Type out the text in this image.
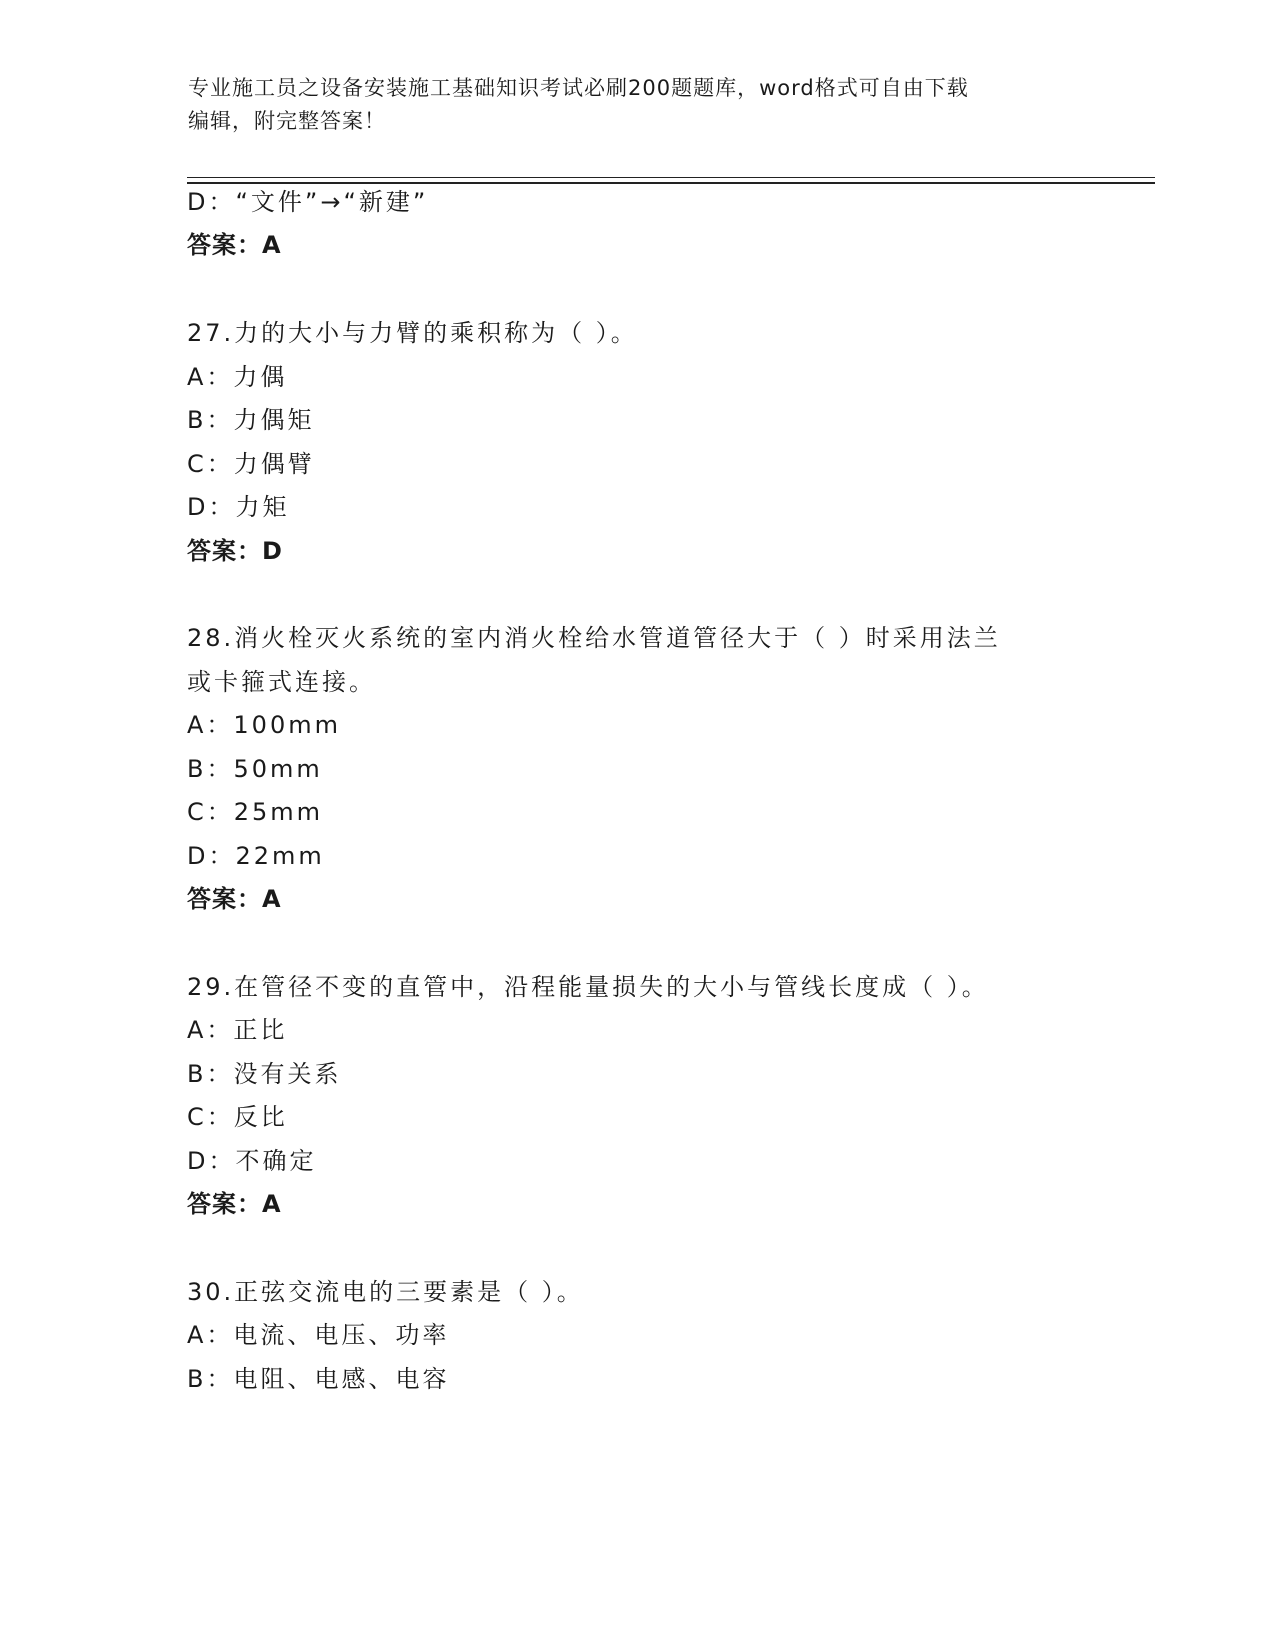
专业施工员之设备安装施工基础知识考试必刷200题题库，word格式可自由下载
编辑，附完整答案！
D：“文件”→“新建”
答案：A
27.力的大小与力臂的乘积称为（ ）。
A：力偶
B：力偶矩
C：力偶臂
D：力矩
答案：D
28.消火栓灭火系统的室内消火栓给水管道管径大于（ ）时采用法兰
或卡箍式连接。
A：100mm
B：50mm
C：25mm
D：22mm
答案：A
29.在管径不变的直管中，沿程能量损失的大小与管线长度成（ ）。
A：正比
B：没有关系
C：反比
D：不确定
答案：A
30.正弦交流电的三要素是（ ）。
A：电流、电压、功率
B：电阻、电感、电容
